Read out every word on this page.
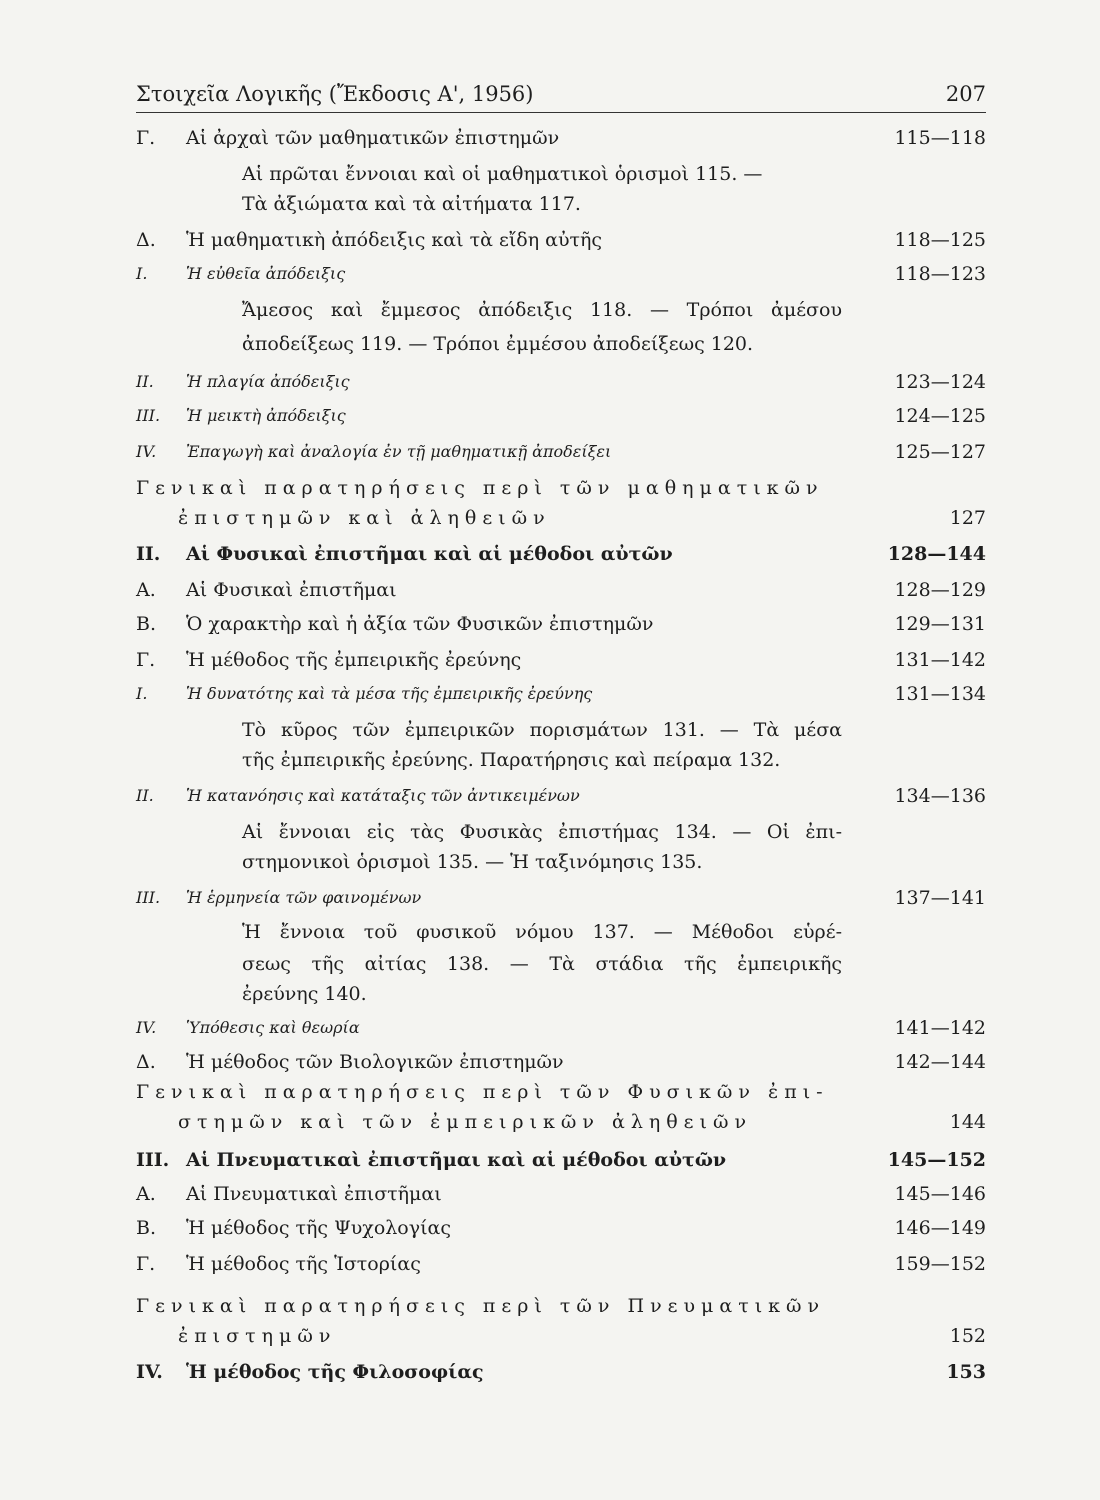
Στοιχεῖα Λογικῆς (Ἔκδοσις Α', 1956)	207
Γ. Αἱ ἀρχαὶ τῶν μαθηματικῶν ἐπιστημῶν	115—118
Αἱ πρῶται ἔννοιαι καὶ οἱ μαθηματικοὶ ὁρισμοὶ 115. —
Τὰ ἀξιώματα καὶ τὰ αἰτήματα 117.
Δ. Ἡ μαθηματικὴ ἀπόδειξις καὶ τὰ εἴδη αὐτῆς	118—125
I. Ἡ εὐθεῖα ἀπόδειξις	118—123
Ἄμεσος καὶ ἔμμεσος ἀπόδειξις 118. — Τρόποι ἀμέσου
ἀποδείξεως 119. — Τρόποι ἐμμέσου ἀποδείξεως 120.
II. Ἡ πλαγία ἀπόδειξις	123—124
III. Ἡ μεικτὴ ἀπόδειξις	124—125
IV. Ἐπαγωγὴ καὶ ἀναλογία ἐν τῇ μαθηματικῇ ἀποδείξει	125—127
Γενικαὶ παρατηρήσεις περὶ τῶν μαθηματικῶν
ἐπιστημῶν καὶ ἀληθειῶν	127
II. Αἱ Φυσικαὶ ἐπιστῆμαι καὶ αἱ μέθοδοι αὐτῶν	128—144
Α. Αἱ Φυσικαὶ ἐπιστῆμαι	128—129
Β. Ὁ χαρακτὴρ καὶ ἡ ἀξία τῶν Φυσικῶν ἐπιστημῶν	129—131
Γ. Ἡ μέθοδος τῆς ἐμπειρικῆς ἐρεύνης	131—142
I. Ἡ δυνατότης καὶ τὰ μέσα τῆς ἐμπειρικῆς ἐρεύνης	131—134
Τὸ κῦρος τῶν ἐμπειρικῶν πορισμάτων 131. — Τὰ μέσα
τῆς ἐμπειρικῆς ἐρεύνης. Παρατήρησις καὶ πείραμα 132.
II. Ἡ κατανόησις καὶ κατάταξις τῶν ἀντικειμένων	134—136
Αἱ ἔννοιαι εἰς τὰς Φυσικὰς ἐπιστήμας 134. — Οἱ ἐπι-
στημονικοὶ ὁρισμοὶ 135. — Ἡ ταξινόμησις 135.
III. Ἡ ἑρμηνεία τῶν φαινομένων	137—141
Ἡ ἔννοια τοῦ φυσικοῦ νόμου 137. — Μέθοδοι εὑρέ-
σεως τῆς αἰτίας 138. — Τὰ στάδια τῆς ἐμπειρικῆς
ἐρεύνης 140.
IV. Ὑπόθεσις καὶ θεωρία	141—142
Δ. Ἡ μέθοδος τῶν Βιολογικῶν ἐπιστημῶν	142—144
Γενικαὶ παρατηρήσεις περὶ τῶν Φυσικῶν ἐπι-
στημῶν καὶ τῶν ἐμπειρικῶν ἀληθειῶν	144
III. Αἱ Πνευματικαὶ ἐπιστῆμαι καὶ αἱ μέθοδοι αὐτῶν	145—152
Α. Αἱ Πνευματικαὶ ἐπιστῆμαι	145—146
Β. Ἡ μέθοδος τῆς Ψυχολογίας	146—149
Γ. Ἡ μέθοδος τῆς Ἱστορίας	159—152
Γενικαὶ παρατηρήσεις περὶ τῶν Πνευματικῶν
ἐπιστημῶν	152
IV. Ἡ μέθοδος τῆς Φιλοσοφίας	153
